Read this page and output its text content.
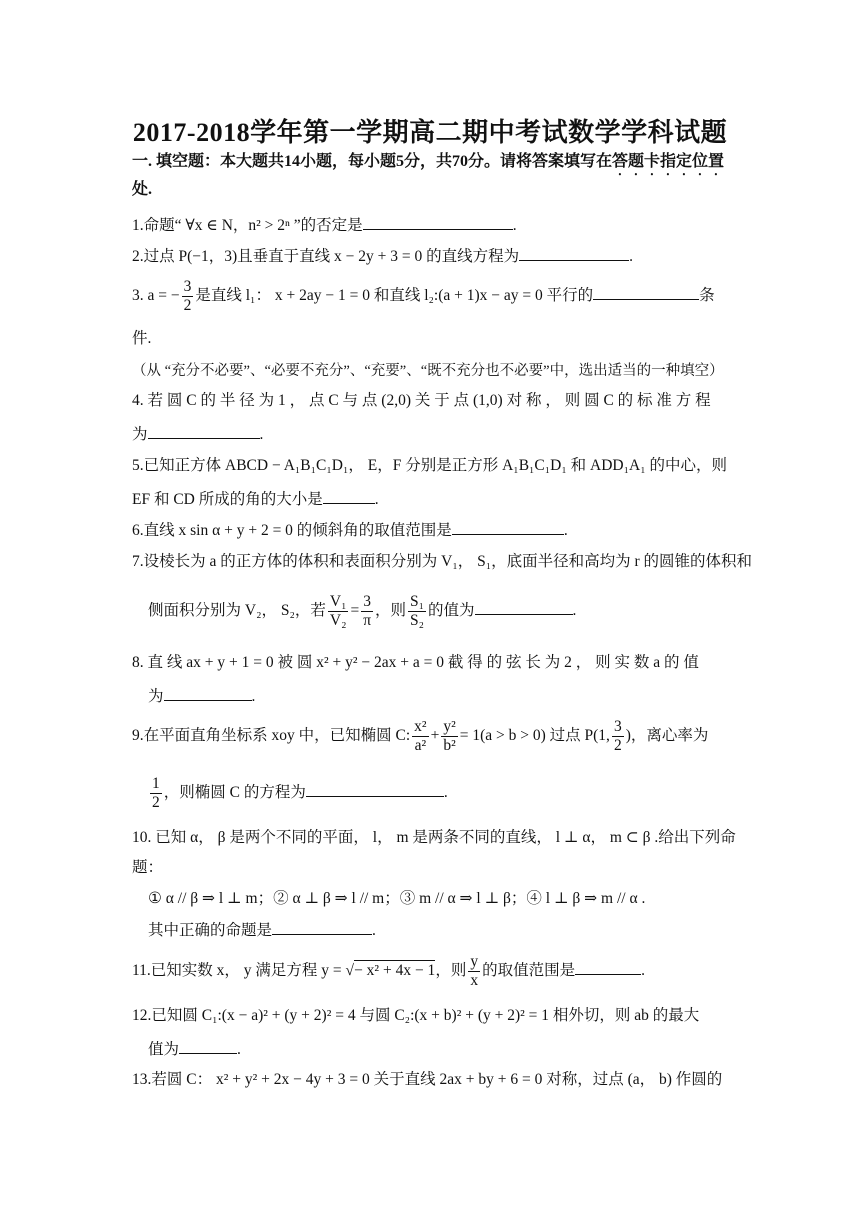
2017-2018学年第一学期高二期中考试数学学科试题
一. 填空题：本大题共14小题，每小题5分，共70分。请将答案填写在答题卡指定位置
处.
1.命题“ ∀x ∈ N，n² > 2ⁿ ”的否定是	.
2.过点 P(−1，3)且垂直于直线 x − 2y + 3 = 0 的直线方程为	.
3. a = − $\frac{3}{2}$ 是直线 l₁： x + 2ay − 1 = 0 和直线 l₂:(a + 1)x − ay = 0 平行的	条
件.
（从 “充分不必要”、“必要不充分”、“充要”、“既不充分也不必要”中，选出适当的一种填空）
4. 若 圆 C 的 半 径 为 1 ， 点 C 与 点 (2,0) 关 于 点 (1,0) 对 称 ， 则 圆 C 的 标 准 方 程
为	.
5.已知正方体 ABCD − A₁B₁C₁D₁， E，F 分别是正方形 A₁B₁C₁D₁ 和 ADD₁A₁ 的中心，则
EF 和 CD 所成的角的大小是	.
6.直线 x sin α + y + 2 = 0 的倾斜角的取值范围是	.
7.设棱长为 a 的正方体的体积和表面积分别为 V₁， S₁，底面半径和高均为 r 的圆锥的体积和
侧面积分别为 V₂， S₂，若 $\frac{\text{V₁}}{\text{V₂}} = \frac{3}{\pi}$ ，则 $\frac{\text{S₁}}{\text{S₂}}$ 的值为	.
8. 直 线 ax + y + 1 = 0 被 圆 x² + y² − 2ax + a = 0 截 得 的 弦 长 为 2 ， 则 实 数 a 的 值
为	.
9.在平面直角坐标系 xoy 中，已知椭圆 C: $\frac{\text{x²}}{\text{a²}} + \frac{\text{y²}}{\text{b²}} = 1(a > b > 0)$ 过点 P(1, $\frac{3}{2}$ )，离心率为
$\frac{1}{2}$ ，则椭圆 C 的方程为	.
10. 已知 α， β 是两个不同的平面， l， m 是两条不同的直线， l ⊥ α， m ⊂ β .给出下列命
题：
① α // β ⇒ l ⊥ m；② α ⊥ β ⇒ l // m；③ m // α ⇒ l ⊥ β；④ l ⊥ β ⇒ m // α .
其中正确的命题是	.
11.已知实数 x， y 满足方程 y = √− x² + 4x − 1，则 $\frac{y}{x}$ 的取值范围是	.
12.已知圆 C₁:(x − a)² + (y + 2)² = 4 与圆 C₂:(x + b)² + (y + 2)² = 1 相外切，则 ab 的最大
值为	.
13.若圆 C： x² + y² + 2x − 4y + 3 = 0 关于直线 2ax + by + 6 = 0 对称，过点 (a， b) 作圆的
